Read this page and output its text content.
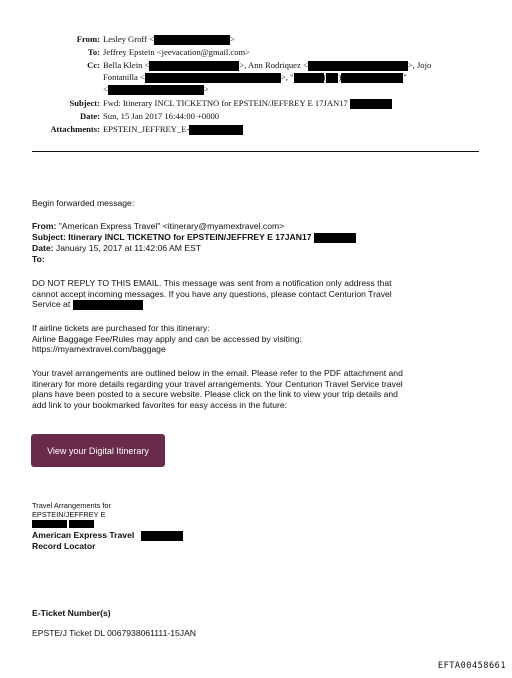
From: Lesley Groff <	>
To: Jeffrey Epstein <jeevacation@gmail.com>
Cc: Bella Klein <	>, Ann Rodriquez <	>, Jojo
Fontanilla <	>, "	( )	"
<	>
Subject: Fwd: Itinerary INCL TICKETNO for EPSTEIN/JEFFREY E 17JAN17
Date: Sun, 15 Jan 2017 16:44:00 +0000
Attachments: EPSTEIN_JEFFREY_E-
Begin forwarded message:
From: "American Express Travel" <itinerary@myamextravel.com>
Subject: Itinerary INCL TICKETNO for EPSTEIN/JEFFREY E 17JAN17
Date: January 15, 2017 at 11:42:06 AM EST
To:
DO NOT REPLY TO THIS EMAIL. This message was sent from a notification only address that
cannot accept incoming messages. If you have any questions, please contact Centurion Travel
Service at
If airline tickets are purchased for this itinerary:
Airline Baggage Fee/Rules may apply and can be accessed by visiting:
https://myamextravel.com/baggage
Your travel arrangements are outlined below in the email. Please refer to the PDF attachment and
itinerary for more details regarding your travel arrangements. Your Centurion Travel Service travel
plans have been posted to a secure website. Please click on the link to view your trip details and
add link to your bookmarked favorites for easy access in the future:
View your Digital Itinerary
Travel Arrangements for
EPSTEIN/JEFFREY E

American Express Travel
Record Locator
E-Ticket Number(s)
EPSTE/J Ticket DL 0067938061111-15JAN
EFTA00458661
